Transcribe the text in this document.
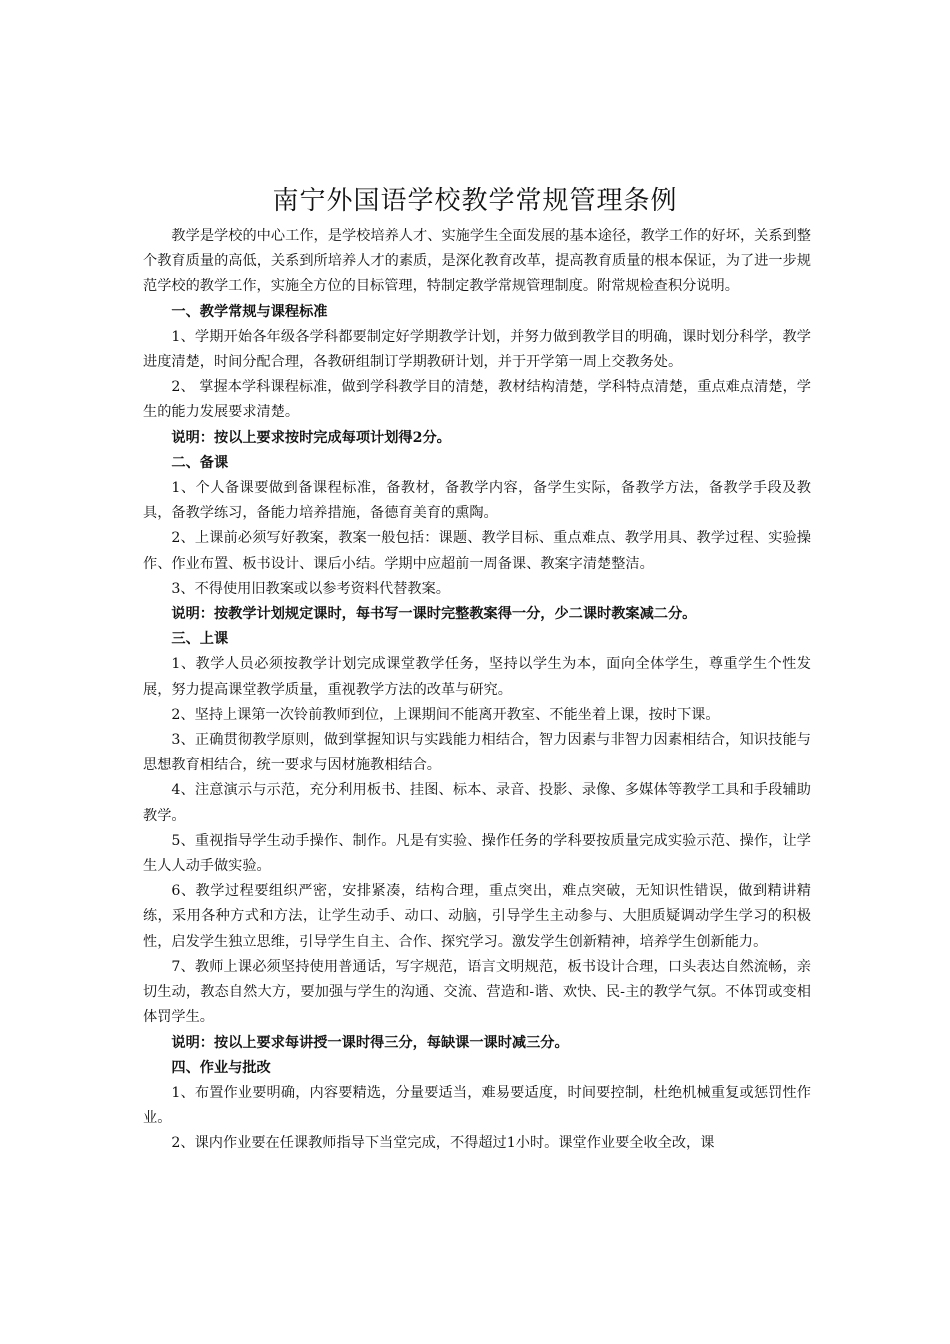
南宁外国语学校教学常规管理条例

教学是学校的中心工作，是学校培养人才、实施学生全面发展的基本途径，教学工作的好坏，关系到整个教育质量的高低，关系到所培养人才的素质，是深化教育改革，提高教育质量的根本保证，为了进一步规范学校的教学工作，实施全方位的目标管理，特制定教学常规管理制度。附常规检查积分说明。

一、教学常规与课程标准

1、学期开始各年级各学科都要制定好学期教学计划，并努力做到教学目的明确，课时划分科学，教学进度清楚，时间分配合理，各教研组制订学期教研计划，并于开学第一周上交教务处。

2、 掌握本学科课程标准，做到学科教学目的清楚，教材结构清楚，学科特点清楚，重点难点清楚，学生的能力发展要求清楚。

说明：按以上要求按时完成每项计划得2分。

二、备课

1、个人备课要做到备课程标准，备教材，备教学内容，备学生实际，备教学方法，备教学手段及教具，备教学练习，备能力培养措施，备德育美育的熏陶。

2、上课前必须写好教案，教案一般包括：课题、教学目标、重点难点、教学用具、教学过程、实验操作、作业布置、板书设计、课后小结。学期中应超前一周备课、教案字清楚整洁。

3、不得使用旧教案或以参考资料代替教案。

说明：按教学计划规定课时，每书写一课时完整教案得一分，少二课时教案减二分。

三、上课

1、教学人员必须按教学计划完成课堂教学任务，坚持以学生为本，面向全体学生，尊重学生个性发展，努力提高课堂教学质量，重视教学方法的改革与研究。

2、坚持上课第一次铃前教师到位，上课期间不能离开教室、不能坐着上课，按时下课。

3、正确贯彻教学原则，做到掌握知识与实践能力相结合，智力因素与非智力因素相结合，知识技能与思想教育相结合，统一要求与因材施教相结合。

4、注意演示与示范，充分利用板书、挂图、标本、录音、投影、录像、多媒体等教学工具和手段辅助教学。

5、重视指导学生动手操作、制作。凡是有实验、操作任务的学科要按质量完成实验示范、操作，让学生人人动手做实验。

6、教学过程要组织严密，安排紧凑，结构合理，重点突出，难点突破，无知识性错误，做到精讲精练，采用各种方式和方法，让学生动手、动口、动脑，引导学生主动参与、大胆质疑调动学生学习的积极性，启发学生独立思维，引导学生自主、合作、探究学习。激发学生创新精神，培养学生创新能力。

7、教师上课必须坚持使用普通话，写字规范，语言文明规范，板书设计合理，口头表达自然流畅，亲切生动，教态自然大方，要加强与学生的沟通、交流、营造和-谐、欢快、民-主的教学气氛。不体罚或变相体罚学生。

说明：按以上要求每讲授一课时得三分，每缺课一课时减三分。

四、作业与批改

1、布置作业要明确，内容要精选，分量要适当，难易要适度，时间要控制，杜绝机械重复或惩罚性作业。

2、课内作业要在任课教师指导下当堂完成，不得超过1小时。课堂作业要全收全改，课
